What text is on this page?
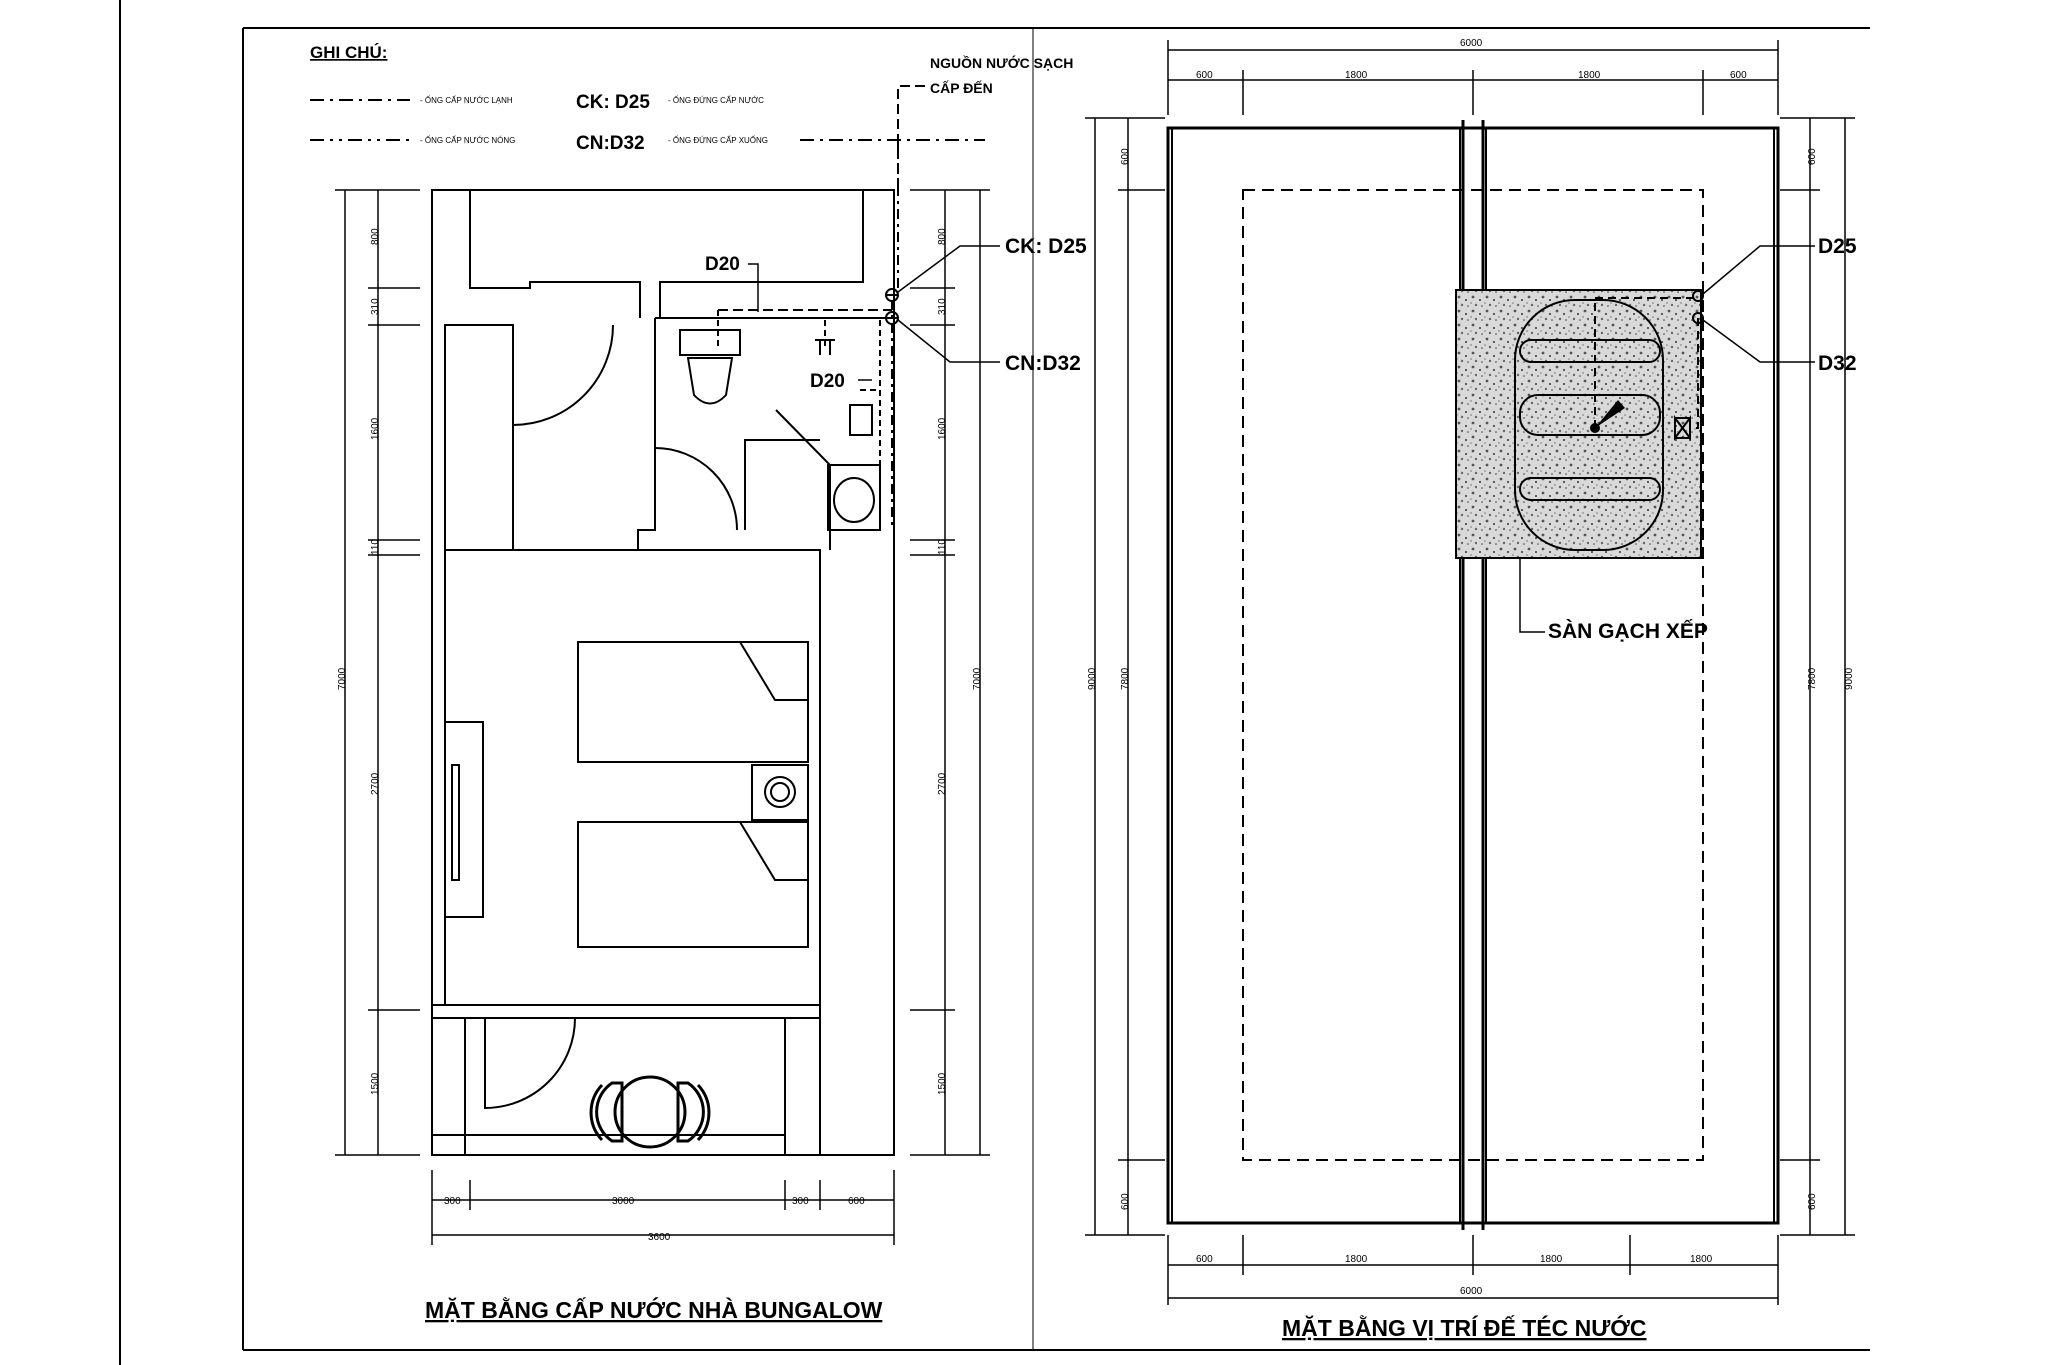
GHI CHÚ:
- ỐNG CẤP NƯỚC LẠNH	CK: D25 - ỐNG ĐỨNG CẤP NƯỚC
- ỐNG CẤP NƯỚC NÓNG	CN:D32	- ỐNG ĐỨNG CẤP XUỐNG
NGUỒN NƯỚC SẠCH
CẤP ĐẾN
D20
D20
CK: D25
CN:D32
300	3000	300	600
3600
800
310
1600
110
2700
1500
7000
800
310
1600
110
2700
1500
7000
MẶT BẰNG CẤP NƯỚC NHÀ BUNGALOW
D25
D32
SÀN GẠCH XẾP
6000
600	1800	1800	600
600	1800	1800	1800
6000
600
7800
600
9000
600
7800
600
9000
MẶT BẰNG VỊ TRÍ ĐẾ TÉC NƯỚC
